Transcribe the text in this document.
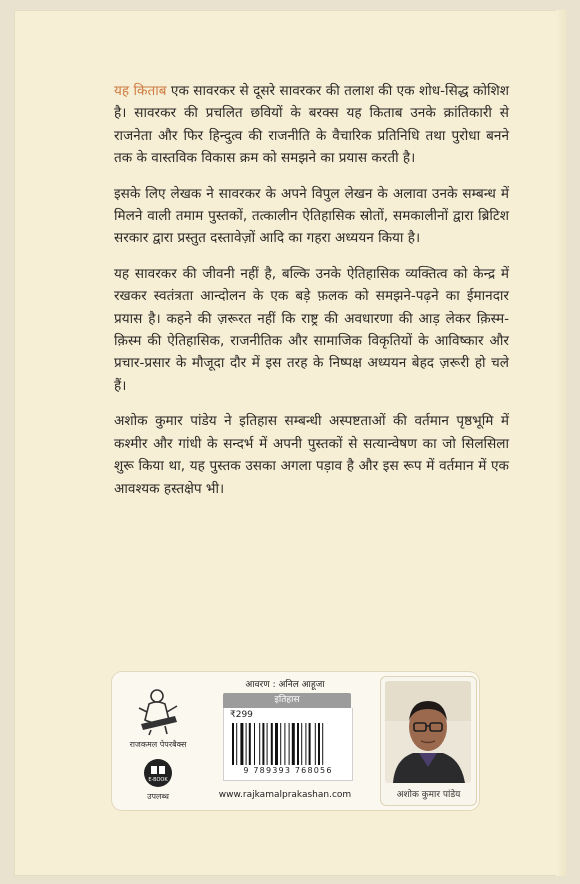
यह किताब एक सावरकर से दूसरे सावरकर की तलाश की एक शोध-सिद्ध कोशिश है। सावरकर की प्रचलित छवियों के बरक्स यह किताब उनके क्रांतिकारी से राजनेता और फिर हिन्दुत्व की राजनीति के वैचारिक प्रतिनिधि तथा पुरोधा बनने तक के वास्तविक विकास क्रम को समझने का प्रयास करती है।

इसके लिए लेखक ने सावरकर के अपने विपुल लेखन के अलावा उनके सम्बन्ध में मिलने वाली तमाम पुस्तकों, तत्कालीन ऐतिहासिक स्रोतों, समकालीनों द्वारा ब्रिटिश सरकार द्वारा प्रस्तुत दस्तावेज़ों आदि का गहरा अध्ययन किया है।

यह सावरकर की जीवनी नहीं है, बल्कि उनके ऐतिहासिक व्यक्तित्व को केन्द्र में रखकर स्वतंत्रता आन्दोलन के एक बड़े फ़लक को समझने-पढ़ने का ईमानदार प्रयास है। कहने की ज़रूरत नहीं कि राष्ट्र की अवधारणा की आड़ लेकर क़िस्म-क़िस्म की ऐतिहासिक, राजनीतिक और सामाजिक विकृतियों के आविष्कार और प्रचार-प्रसार के मौजूदा दौर में इस तरह के निष्पक्ष अध्ययन बेहद ज़रूरी हो चले हैं।

अशोक कुमार पांडेय ने इतिहास सम्बन्धी अस्पष्टताओं की वर्तमान पृष्ठभूमि में कश्मीर और गांधी के सन्दर्भ में अपनी पुस्तकों से सत्यान्वेषण का जो सिलसिला शुरू किया था, यह पुस्तक उसका अगला पड़ाव है और इस रूप में वर्तमान में एक आवश्यक हस्तक्षेप भी।

राजकमल पेपरबैक्स
E-BOOK
उपलब्ध
आवरण : अनिल आहूजा
इतिहास
₹299
9 789393 768056
www.rajkamalprakashan.com	अशोक कुमार पांडेय
